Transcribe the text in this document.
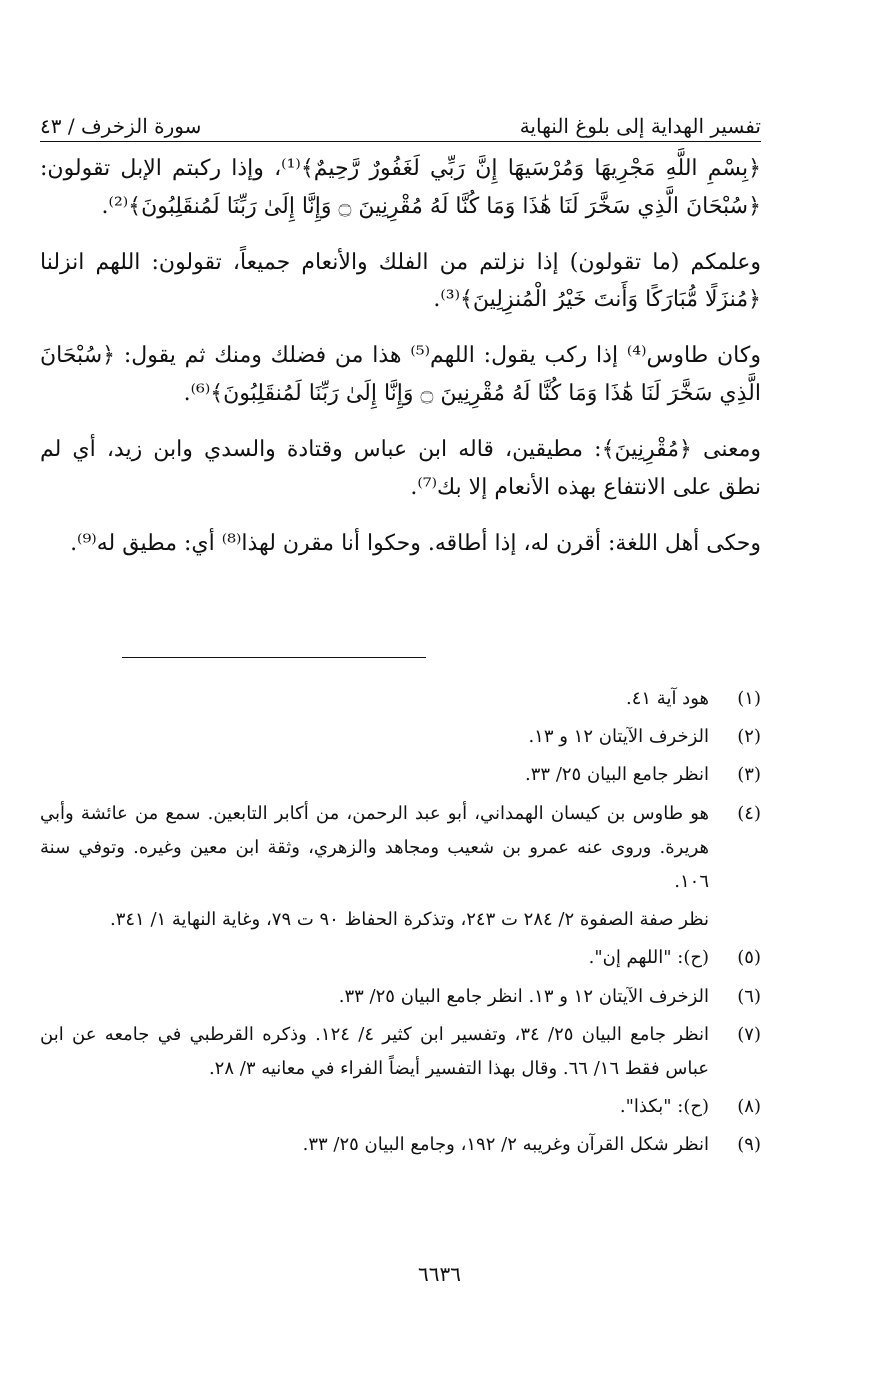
تفسير الهداية إلى بلوغ النهاية
سورة الزخرف / ٤٣

﴿بِسْمِ اللَّهِ مَجْرِيهَا وَمُرْسَيهَا إِنَّ رَبِّي لَغَفُورٌ رَّحِيمٌ﴾⁽¹⁾، وإذا ركبتم الإبل تقولون: ﴿سُبْحَانَ الَّذِي سَخَّرَ لَنَا هَٰذَا وَمَا كُنَّا لَهُ مُقْرِنِينَ ۝ وَإِنَّا إِلَىٰ رَبِّنَا لَمُنقَلِبُونَ﴾⁽²⁾.

وعلمكم (ما تقولون) إذا نزلتم من الفلك والأنعام جميعاً، تقولون: اللهم انزلنا ﴿مُنزَلًا مُّبَارَكًا وَأَنتَ خَيْرُ الْمُنزِلِينَ﴾⁽³⁾.

وكان طاوس⁽⁴⁾ إذا ركب يقول: اللهم⁽⁵⁾ هذا من فضلك ومنك ثم يقول: ﴿سُبْحَانَ الَّذِي سَخَّرَ لَنَا هَٰذَا وَمَا كُنَّا لَهُ مُقْرِنِينَ ۝ وَإِنَّا إِلَىٰ رَبِّنَا لَمُنقَلِبُونَ﴾⁽⁶⁾.

ومعنى ﴿مُقْرِنِينَ﴾: مطيقين، قاله ابن عباس وقتادة والسدي وابن زيد، أي لم نطق على الانتفاع بهذه الأنعام إلا بك⁽⁷⁾.

وحكى أهل اللغة: أقرن له، إذا أطاقه. وحكوا أنا مقرن لهذا⁽⁸⁾ أي: مطيق له⁽⁹⁾.

(١)
هود آية ٤١.
(٢)
الزخرف الآيتان ١٢ و ١٣.
(٣)
انظر جامع البيان ٢٥/ ٣٣.
(٤)
هو طاوس بن كيسان الهمداني، أبو عبد الرحمن، من أكابر التابعين. سمع من عائشة وأبي هريرة. وروى عنه عمرو بن شعيب ومجاهد والزهري، وثقة ابن معين وغيره. وتوفي سنة ١٠٦.
نظر صفة الصفوة ٢/ ٢٨٤ ت ٢٤٣، وتذكرة الحفاظ ٩٠ ت ٧٩، وغاية النهاية ١/ ٣٤١.
(٥)
(ح): "اللهم إن".
(٦)
الزخرف الآيتان ١٢ و ١٣. انظر جامع البيان ٢٥/ ٣٣.
(٧)
انظر جامع البيان ٢٥/ ٣٤، وتفسير ابن كثير ٤/ ١٢٤. وذكره القرطبي في جامعه عن ابن عباس فقط ١٦/ ٦٦. وقال بهذا التفسير أيضاً الفراء في معانيه ٣/ ٢٨.
(٨)
(ح): "بكذا".
(٩)
انظر شكل القرآن وغريبه ٢/ ١٩٢، وجامع البيان ٢٥/ ٣٣.
٦٦٣٦
